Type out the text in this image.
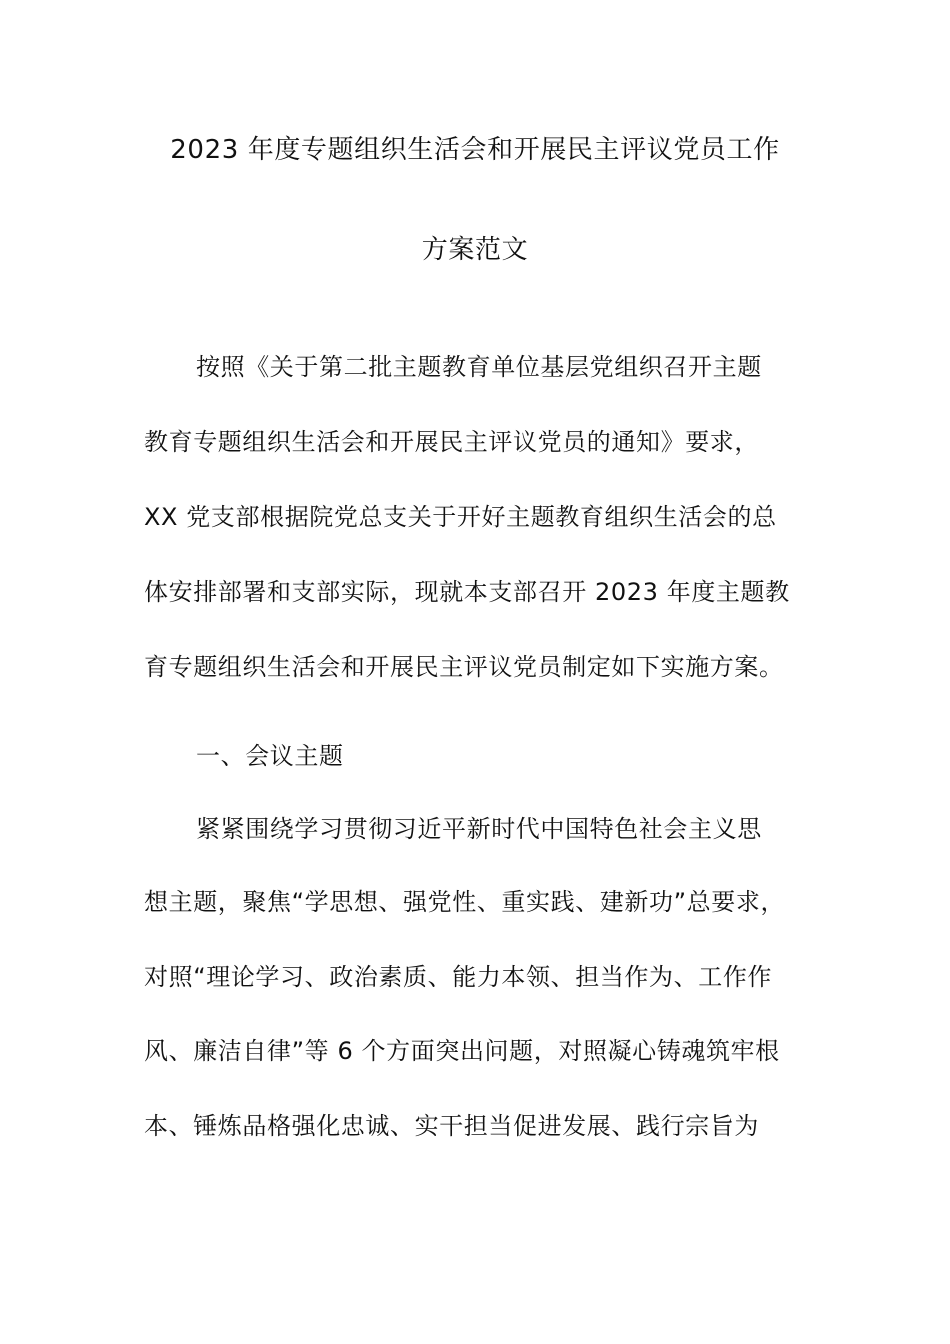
2023 年度专题组织生活会和开展民主评议党员工作
方案范文
按照《关于第二批主题教育单位基层党组织召开主题
教育专题组织生活会和开展民主评议党员的通知》要求，
XX 党支部根据院党总支关于开好主题教育组织生活会的总
体安排部署和支部实际，现就本支部召开 2023 年度主题教
育专题组织生活会和开展民主评议党员制定如下实施方案。
一、会议主题
紧紧围绕学习贯彻习近平新时代中国特色社会主义思
想主题，聚焦“学思想、强党性、重实践、建新功”总要求，
对照“理论学习、政治素质、能力本领、担当作为、工作作
风、廉洁自律”等 6 个方面突出问题，对照凝心铸魂筑牢根
本、锤炼品格强化忠诚、实干担当促进发展、践行宗旨为
